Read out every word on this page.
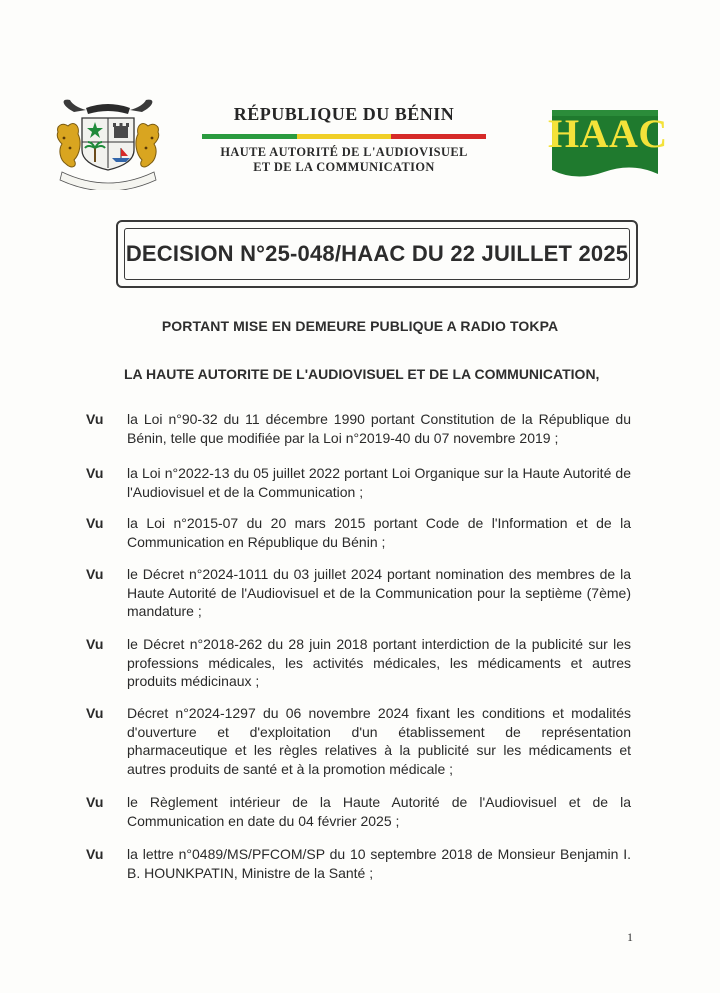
RÉPUBLIQUE DU BÉNIN
HAUTE AUTORITÉ DE L'AUDIOVISUEL
ET DE LA COMMUNICATION
HAAC
DECISION N°25-048/HAAC DU 22 JUILLET 2025
PORTANT MISE EN DEMEURE PUBLIQUE A RADIO TOKPA
LA HAUTE AUTORITE DE L'AUDIOVISUEL ET DE LA COMMUNICATION,
Vu la Loi n°90-32 du 11 décembre 1990 portant Constitution de la République du Bénin, telle que modifiée par la Loi n°2019-40 du 07 novembre 2019 ;
Vu la Loi n°2022-13 du 05 juillet 2022 portant Loi Organique sur la Haute Autorité de l'Audiovisuel et de la Communication ;
Vu la Loi n°2015-07 du 20 mars 2015 portant Code de l'Information et de la Communication en République du Bénin ;
Vu le Décret n°2024-1011 du 03 juillet 2024 portant nomination des membres de la Haute Autorité de l'Audiovisuel et de la Communication pour la septième (7ème) mandature ;
Vu le Décret n°2018-262 du 28 juin 2018 portant interdiction de la publicité sur les professions médicales, les activités médicales, les médicaments et autres produits médicinaux ;
Vu Décret n°2024-1297 du 06 novembre 2024 fixant les conditions et modalités d'ouverture et d'exploitation d'un établissement de représentation pharmaceutique et les règles relatives à la publicité sur les médicaments et autres produits de santé et à la promotion médicale ;
Vu le Règlement intérieur de la Haute Autorité de l'Audiovisuel et de la Communication en date du 04 février 2025 ;
Vu la lettre n°0489/MS/PFCOM/SP du 10 septembre 2018 de Monsieur Benjamin I. B. HOUNKPATIN, Ministre de la Santé ;
1
